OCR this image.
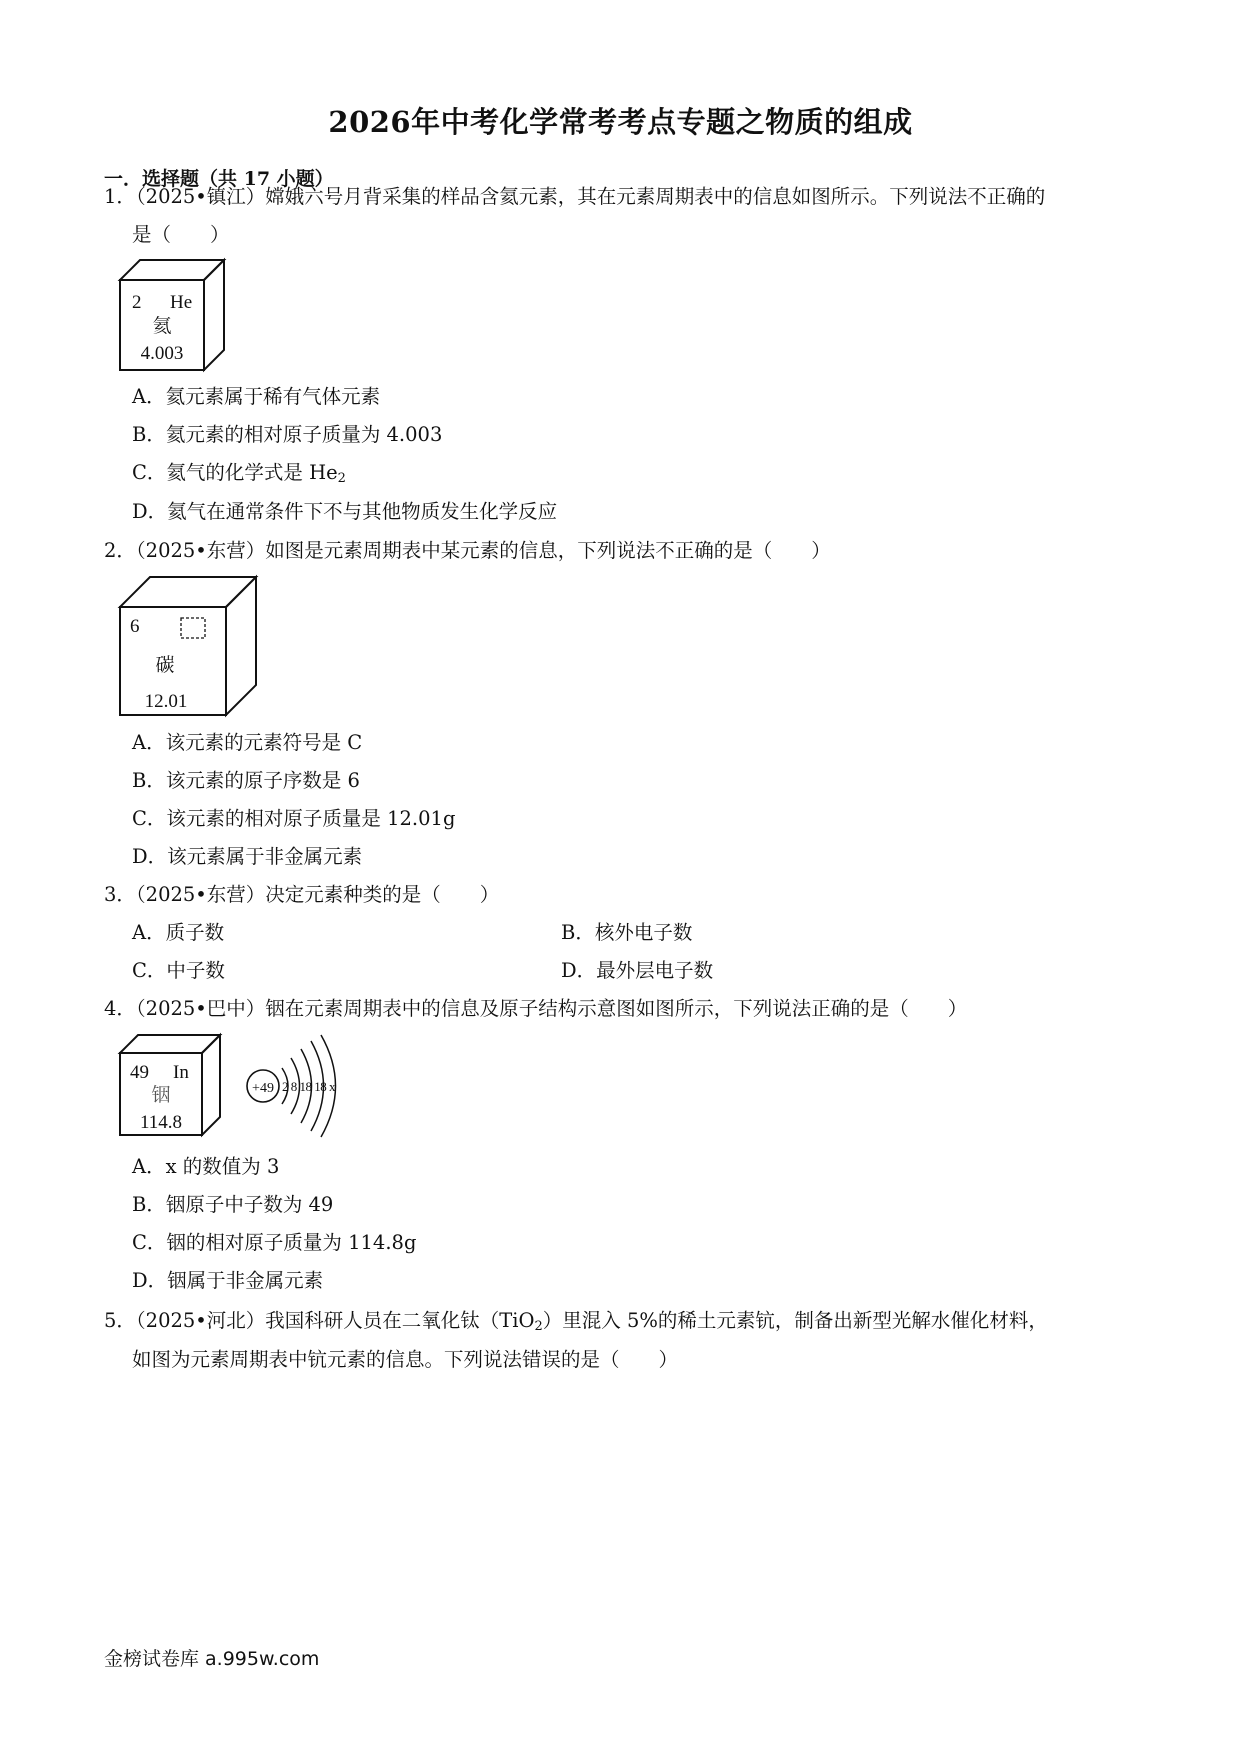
2026年中考化学常考考点专题之物质的组成
一．选择题（共 17 小题）
1．（2025•镇江）嫦娥六号月背采集的样品含氦元素，其在元素周期表中的信息如图所示。下列说法不正确的
是（　　）
2 He
氦
4.003
A．氦元素属于稀有气体元素
B．氦元素的相对原子质量为 4.003
C．氦气的化学式是 $He_2$
D．氦气在通常条件下不与其他物质发生化学反应
2．（2025•东营）如图是元素周期表中某元素的信息，下列说法不正确的是（　　）
6
碳
12.01
A．该元素的元素符号是 C
B．该元素的原子序数是 6
C．该元素的相对原子质量是 12.01g
D．该元素属于非金属元素
3．（2025•东营）决定元素种类的是（　　）
A．质子数	B．核外电子数
C．中子数	D．最外层电子数
4．（2025•巴中）铟在元素周期表中的信息及原子结构示意图如图所示，下列说法正确的是（　　）
49 In
铟
114.8
+49 2 8 18 18 x
A．x 的数值为 3
B．铟原子中子数为 49
C．铟的相对原子质量为 114.8g
D．铟属于非金属元素
5．（2025•河北）我国科研人员在二氧化钛（TiO$_2$）里混入 5%的稀土元素钪，制备出新型光解水催化材料，
如图为元素周期表中钪元素的信息。下列说法错误的是（　　）
金榜试卷库 a.995w.com
